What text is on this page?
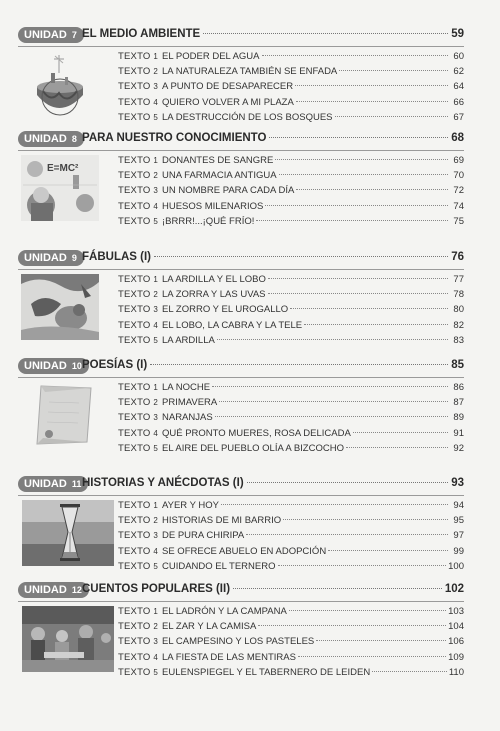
UNIDAD 7 EL MEDIO AMBIENTE	59
TEXTO 1 EL PODER DEL AGUA	60
TEXTO 2 LA NATURALEZA TAMBIÉN SE ENFADA	62
TEXTO 3 A PUNTO DE DESAPARECER	64
TEXTO 4 QUIERO VOLVER A MI PLAZA	66
TEXTO 5 LA DESTRUCCIÓN DE LOS BOSQUES	67
UNIDAD 8 PARA NUESTRO CONOCIMIENTO	68
E=MC²
TEXTO 1 DONANTES DE SANGRE	69
TEXTO 2 UNA FARMACIA ANTIGUA	70
TEXTO 3 UN NOMBRE PARA CADA DÍA	72
TEXTO 4 HUESOS MILENARIOS	74
TEXTO 5 ¡BRRR!...¡QUÉ FRÍO!	75
UNIDAD 9 FÁBULAS (I)	76
TEXTO 1 LA ARDILLA Y EL LOBO	77
TEXTO 2 LA ZORRA Y LAS UVAS	78
TEXTO 3 EL ZORRO Y EL UROGALLO	80
TEXTO 4 EL LOBO, LA CABRA Y LA TELE	82
TEXTO 5 LA ARDILLA	83
UNIDAD 10 POESÍAS (I)	85
TEXTO 1 LA NOCHE	86
TEXTO 2 PRIMAVERA	87
TEXTO 3 NARANJAS	89
TEXTO 4 QUÉ PRONTO MUERES, ROSA DELICADA	91
TEXTO 5 EL AIRE DEL PUEBLO OLÍA A BIZCOCHO	92
UNIDAD 11 HISTORIAS Y ANÉCDOTAS (I)	93
TEXTO 1 AYER Y HOY	94
TEXTO 2 HISTORIAS DE MI BARRIO	95
TEXTO 3 DE PURA CHIRIPA	97
TEXTO 4 SE OFRECE ABUELO EN ADOPCIÓN	99
TEXTO 5 CUIDANDO EL TERNERO	100
UNIDAD 12 CUENTOS POPULARES (II)	102
TEXTO 1 EL LADRÓN Y LA CAMPANA	103
TEXTO 2 EL ZAR Y LA CAMISA	104
TEXTO 3 EL CAMPESINO Y LOS PASTELES	106
TEXTO 4 LA FIESTA DE LAS MENTIRAS	109
TEXTO 5 EULENSPIEGEL Y EL TABERNERO DE LEIDEN	110
